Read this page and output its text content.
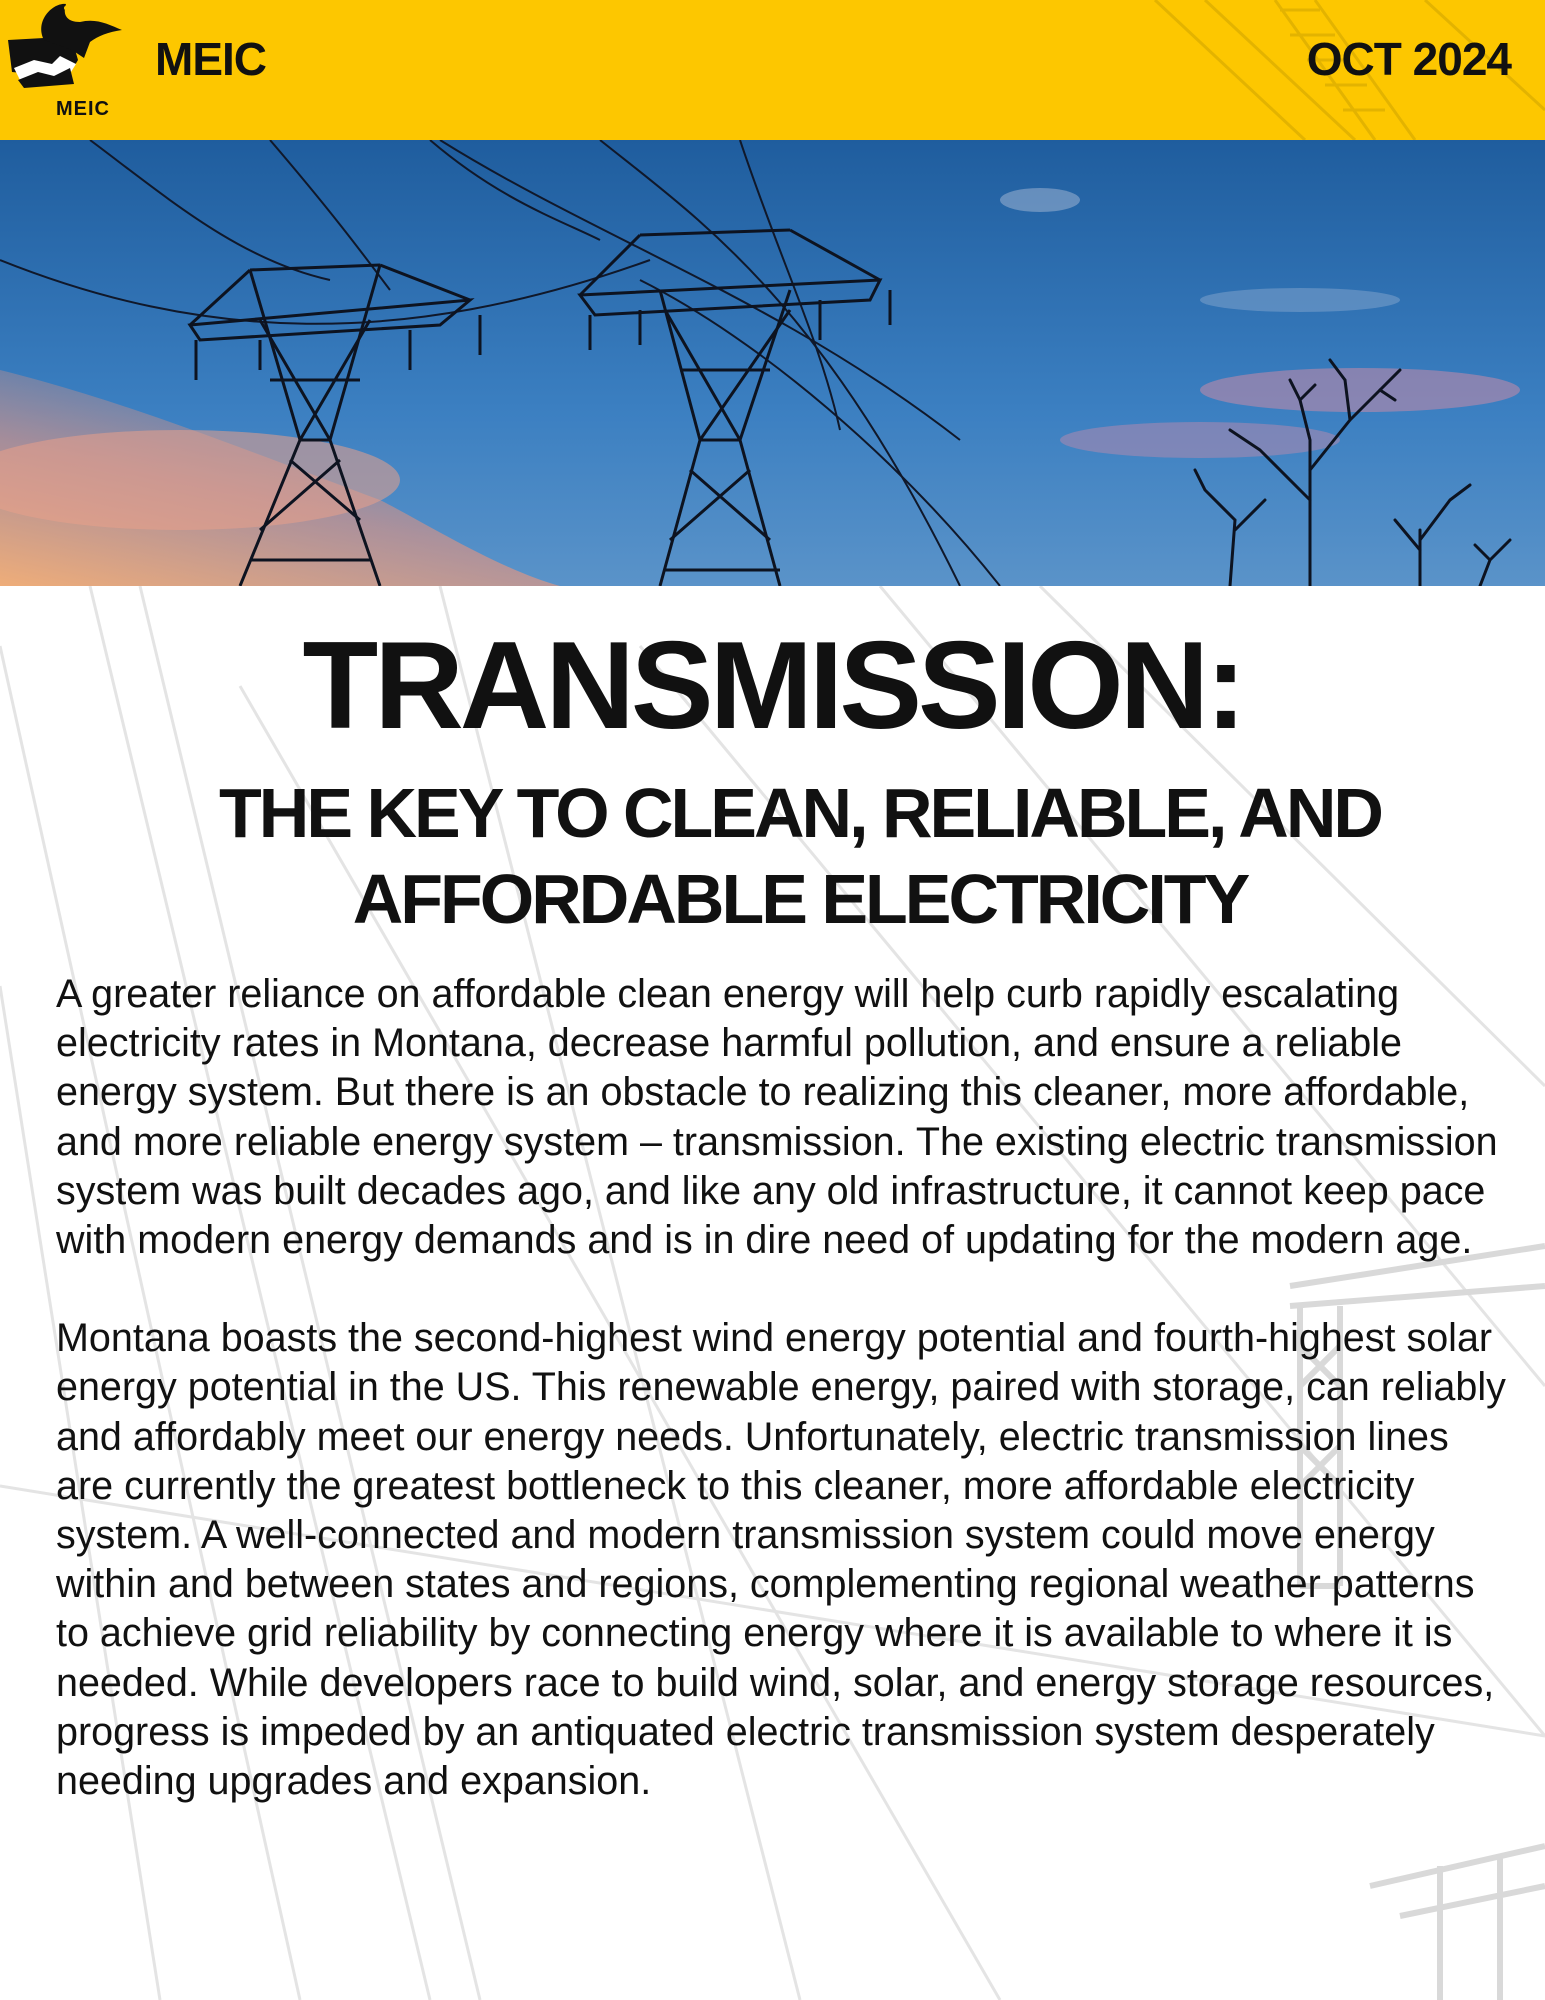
MEIC
MEIC	OCT 2024
TRANSMISSION:
THE KEY TO CLEAN, RELIABLE, AND
AFFORDABLE ELECTRICITY

A greater reliance on affordable clean energy will help curb rapidly escalating electricity rates in Montana, decrease harmful pollution, and ensure a reliable energy system. But there is an obstacle to realizing this cleaner, more affordable, and more reliable energy system – transmission. The existing electric transmission system was built decades ago, and like any old infrastructure, it cannot keep pace with modern energy demands and is in dire need of updating for the modern age.

Montana boasts the second-highest wind energy potential and fourth-highest solar energy potential in the US. This renewable energy, paired with storage, can reliably and affordably meet our energy needs. Unfortunately, electric transmission lines are currently the greatest bottleneck to this cleaner, more affordable electricity system. A well-connected and modern transmission system could move energy within and between states and regions, complementing regional weather patterns to achieve grid reliability by connecting energy where it is available to where it is needed. While developers race to build wind, solar, and energy storage resources, progress is impeded by an antiquated electric transmission system desperately needing upgrades and expansion.
